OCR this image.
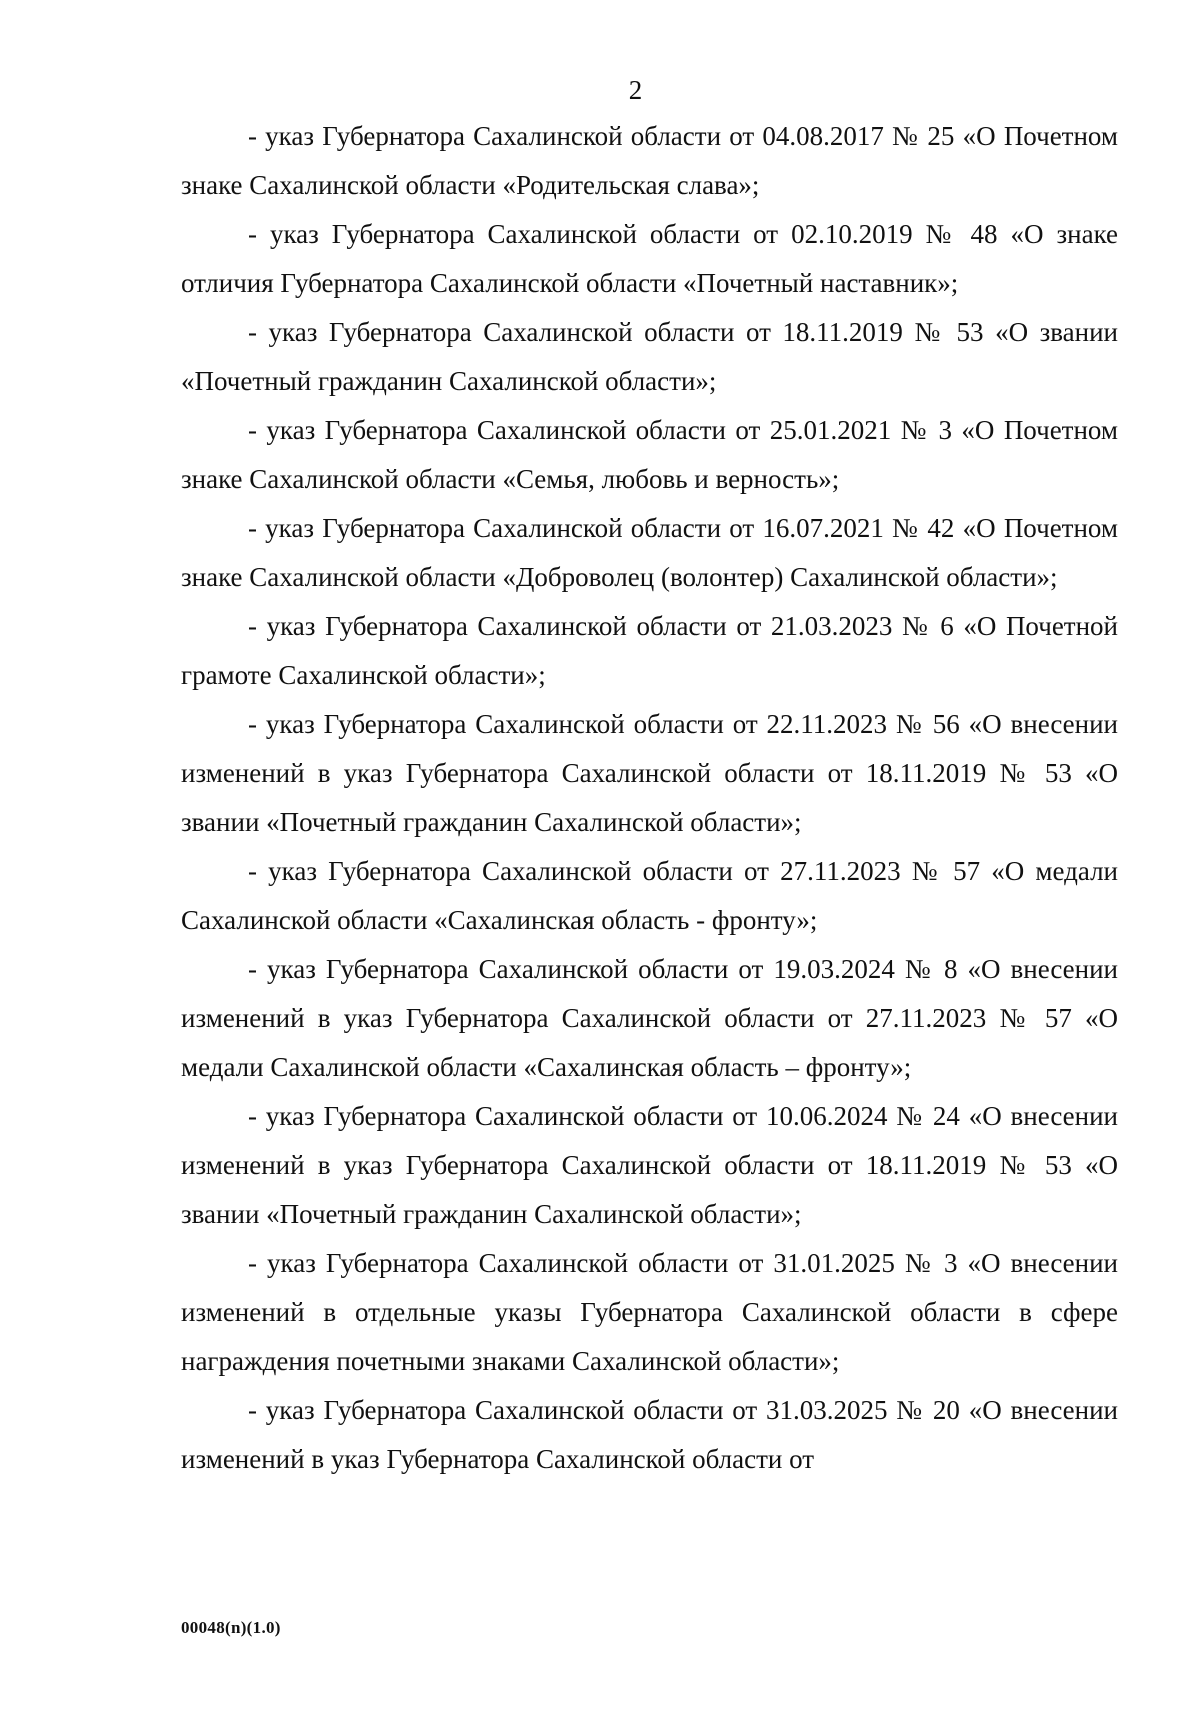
2

- указ Губернатора Сахалинской области от 04.08.2017 № 25 «О Почетном знаке Сахалинской области «Родительская слава»;

- указ Губернатора Сахалинской области от 02.10.2019 № 48 «О знаке отличия Губернатора Сахалинской области «Почетный наставник»;

- указ Губернатора Сахалинской области от 18.11.2019 № 53 «О звании «Почетный гражданин Сахалинской области»;

- указ Губернатора Сахалинской области от 25.01.2021 № 3 «О Почетном знаке Сахалинской области «Семья, любовь и верность»;

- указ Губернатора Сахалинской области от 16.07.2021 № 42 «О Почетном знаке Сахалинской области «Доброволец (волонтер) Сахалинской области»;

- указ Губернатора Сахалинской области от 21.03.2023 № 6 «О Почетной грамоте Сахалинской области»;

- указ Губернатора Сахалинской области от 22.11.2023 № 56 «О внесении изменений в указ Губернатора Сахалинской области от 18.11.2019 № 53 «О звании «Почетный гражданин Сахалинской области»;

- указ Губернатора Сахалинской области от 27.11.2023 № 57 «О медали Сахалинской области «Сахалинская область - фронту»;

- указ Губернатора Сахалинской области от 19.03.2024 № 8 «О внесении изменений в указ Губернатора Сахалинской области от 27.11.2023 № 57 «О медали Сахалинской области «Сахалинская область – фронту»;

- указ Губернатора Сахалинской области от 10.06.2024 № 24 «О внесении изменений в указ Губернатора Сахалинской области от 18.11.2019 № 53 «О звании «Почетный гражданин Сахалинской области»;

- указ Губернатора Сахалинской области от 31.01.2025 № 3 «О внесении изменений в отдельные указы Губернатора Сахалинской области в сфере награждения почетными знаками Сахалинской области»;

- указ Губернатора Сахалинской области от 31.03.2025 № 20 «О внесении изменений в указ Губернатора Сахалинской области от

00048(n)(1.0)
